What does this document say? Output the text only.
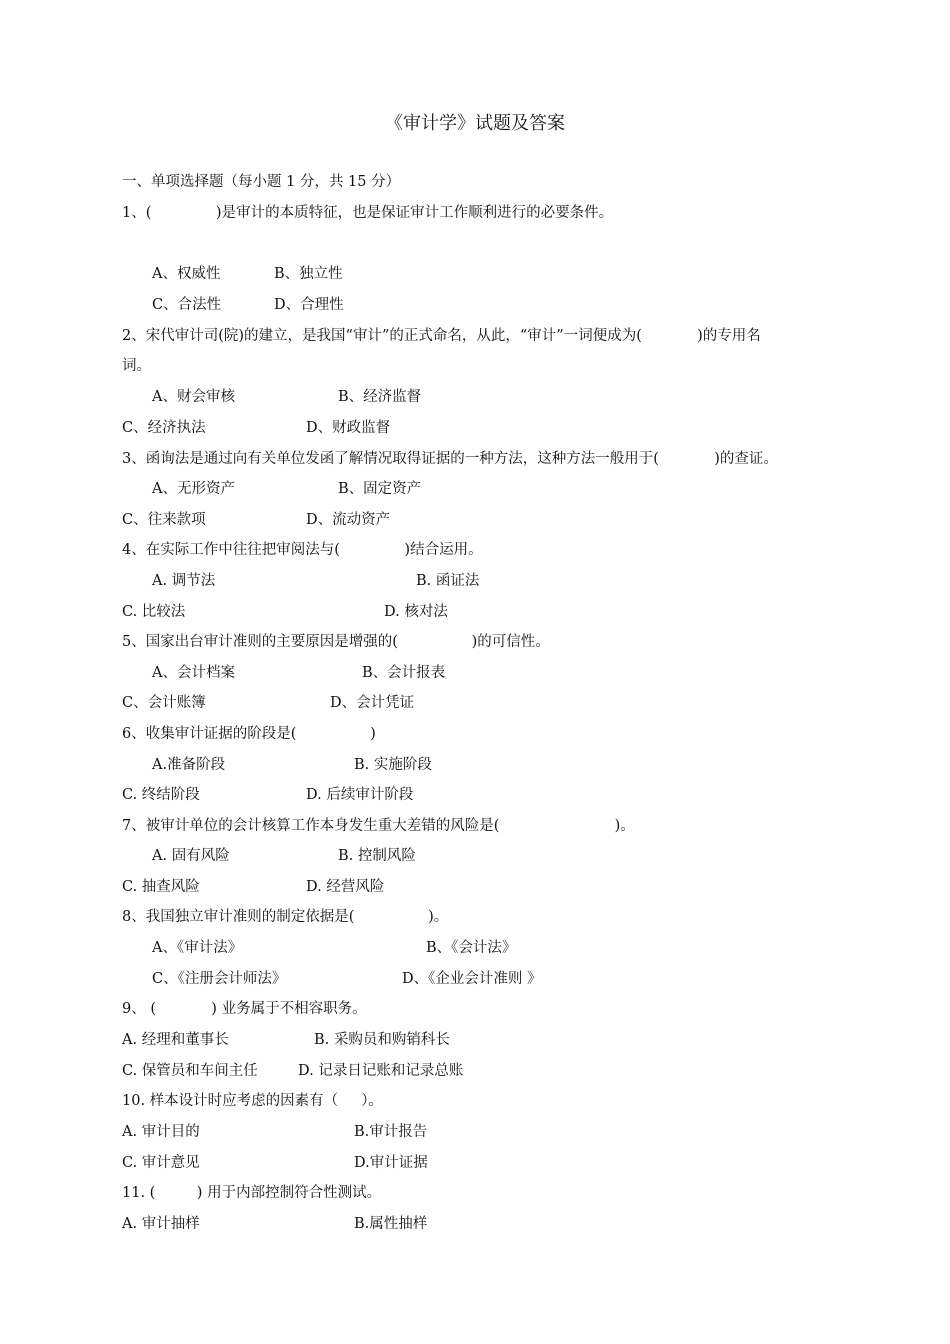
《审计学》试题及答案
一、单项选择题（每小题 1 分，共 15 分）
1、(              )是审计的本质特征，也是保证审计工作顺利进行的必要条件。
A、权威性	B、独立性
C、合法性	D、合理性
2、宋代审计司(院)的建立，是我国“审计”的正式命名，从此，“审计”一词便成为(            )的专用名
词。
A、财会审核	B、经济监督
C、经济执法	D、财政监督
3、函询法是通过向有关单位发函了解情况取得证据的一种方法，这种方法一般用于(            )的查证。
A、无形资产	B、固定资产
C、往来款项	D、流动资产
4、在实际工作中往往把审阅法与(              )结合运用。
A. 调节法	B. 函证法
C. 比较法	D. 核对法
5、国家出台审计准则的主要原因是增强的(                )的可信性。
A、会计档案	B、会计报表
C、会计账簿	D、会计凭证
6、收集审计证据的阶段是(                )
A.准备阶段	B. 实施阶段
C. 终结阶段	D. 后续审计阶段
7、被审计单位的会计核算工作本身发生重大差错的风险是(                         )。
A. 固有风险	B. 控制风险
C. 抽查风险	D. 经营风险
8、我国独立审计准则的制定依据是(                )。
A、《审计法》	B、《会计法》
C、《注册会计师法》	D、《企业会计准则 》
9、 (            ) 业务属于不相容职务。
A. 经理和董事长	B. 采购员和购销科长
C. 保管员和车间主任	D. 记录日记账和记录总账
10. 样本设计时应考虑的因素有（     ）。
A. 审计目的	B.审计报告
C. 审计意见	D.审计证据
11. (         ) 用于内部控制符合性测试。
A. 审计抽样	B.属性抽样
